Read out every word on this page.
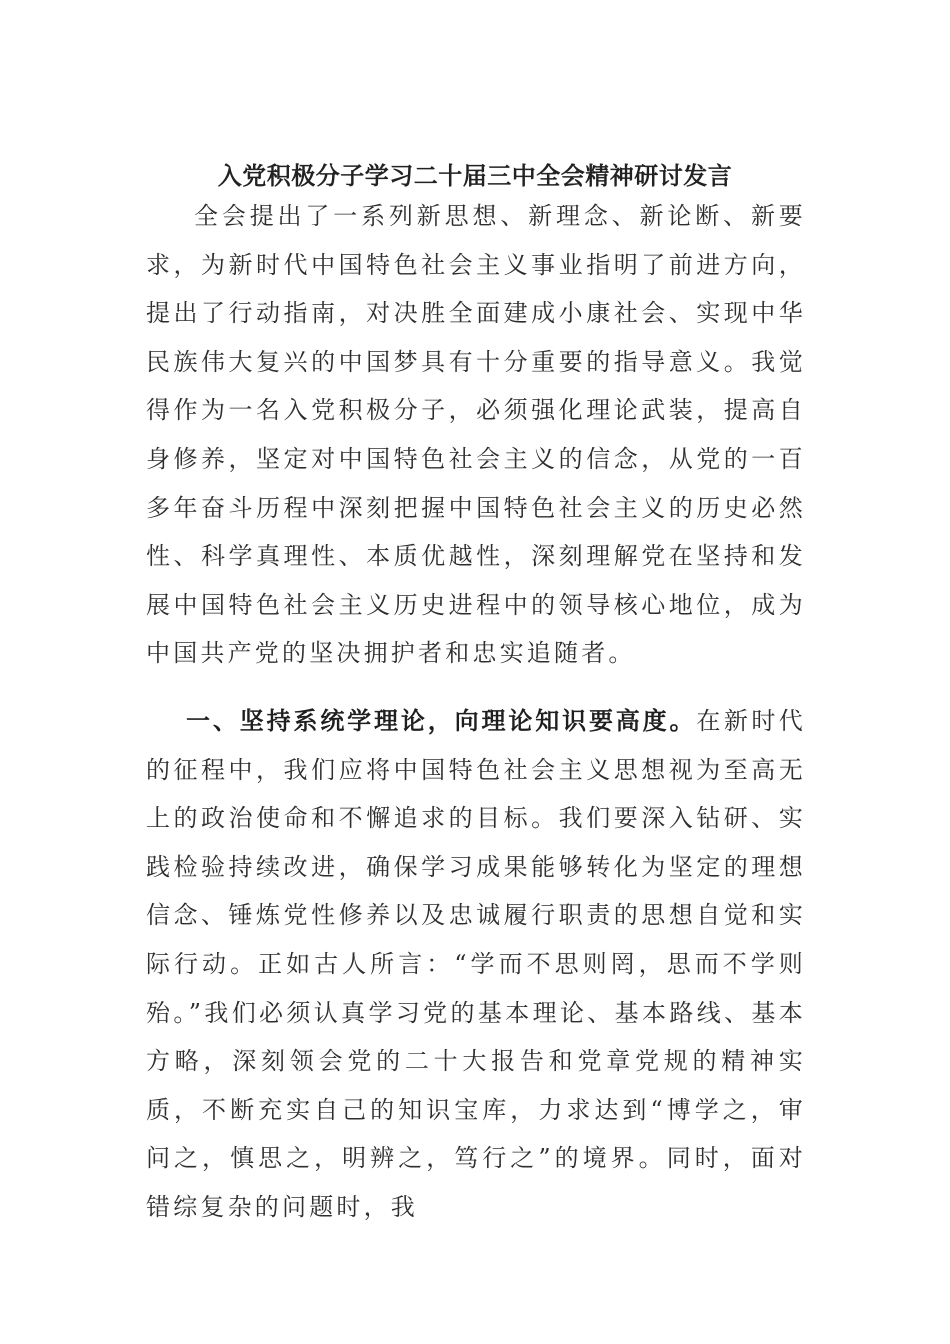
入党积极分子学习二十届三中全会精神研讨发言

全会提出了一系列新思想、新理念、新论断、新要求，为新时代中国特色社会主义事业指明了前进方向，提出了行动指南，对决胜全面建成小康社会、实现中华民族伟大复兴的中国梦具有十分重要的指导意义。我觉得作为一名入党积极分子，必须强化理论武装，提高自身修养，坚定对中国特色社会主义的信念，从党的一百多年奋斗历程中深刻把握中国特色社会主义的历史必然性、科学真理性、本质优越性，深刻理解党在坚持和发展中国特色社会主义历史进程中的领导核心地位，成为中国共产党的坚决拥护者和忠实追随者。

一、坚持系统学理论，向理论知识要高度。在新时代的征程中，我们应将中国特色社会主义思想视为至高无上的政治使命和不懈追求的目标。我们要深入钻研、实践检验持续改进，确保学习成果能够转化为坚定的理想信念、锤炼党性修养以及忠诚履行职责的思想自觉和实际行动。正如古人所言：“学而不思则罔，思而不学则殆。”我们必须认真学习党的基本理论、基本路线、基本方略，深刻领会党的二十大报告和党章党规的精神实质，不断充实自己的知识宝库，力求达到“博学之，审问之，慎思之，明辨之，笃行之”的境界。同时，面对错综复杂的问题时，我
